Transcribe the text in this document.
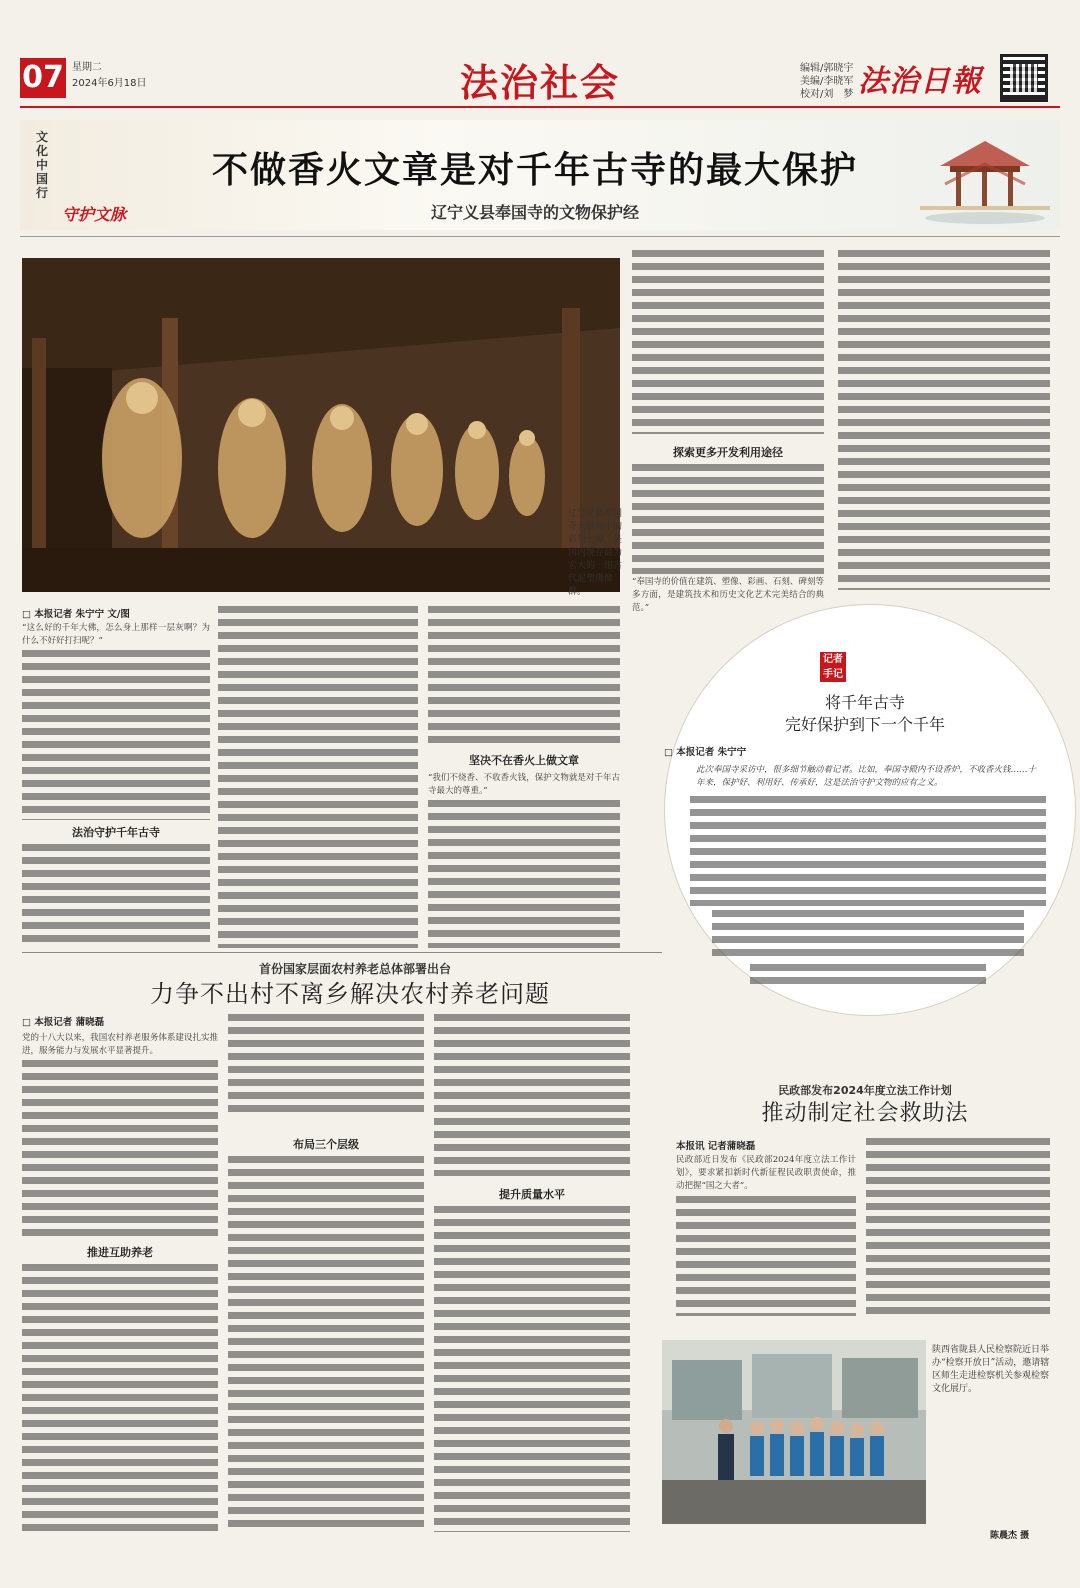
07 星期二
2024年6月18日	法治社会	编辑/郭晓宇
美编/李晓军
校对/刘　梦 法治日報
文化中国行
守护文脉
不做香火文章是对千年古寺的最大保护
辽宁义县奉国寺的文物保护经
辽宁义县奉国寺大雄殿中的彩塑七佛，是国内现存最为宏大的一组古代泥塑佛像群。
□ 本报记者 朱宁宁 文/图
“这么好的千年大佛，怎么身上那样一层灰啊？为什么不好好打扫呢？”
法治守护千年古寺
坚决不在香火上做文章
“我们不烧香、不收香火钱，保护文物就是对千年古寺最大的尊重。”
探索更多开发利用途径
“奉国寺的价值在建筑、塑像、彩画、石刻、碑刻等多方面，是建筑技术和历史文化艺术完美结合的典范。”
记者手记
将千年古寺
完好保护到下一个千年
□ 本报记者 朱宁宁
此次奉国寺采访中，很多细节触动着记者。比如，奉国寺殿内不设香炉，不收香火钱……十年来，保护好、利用好、传承好，这是法治守护文物的应有之义。
首份国家层面农村养老总体部署出台
力争不出村不离乡解决农村养老问题
□ 本报记者 蒲晓磊
党的十八大以来，我国农村养老服务体系建设扎实推进，服务能力与发展水平显著提升。
推进互助养老
布局三个层级
提升质量水平
民政部发布2024年度立法工作计划
推动制定社会救助法
本报讯 记者蒲晓磊
民政部近日发布《民政部2024年度立法工作计划》，要求紧扣新时代新征程民政职责使命，推动把握“国之大者”。
陕西省陇县人民检察院近日举办“检察开放日”活动，邀请辖区师生走进检察机关参观检察文化展厅。
陈晨杰 摄
